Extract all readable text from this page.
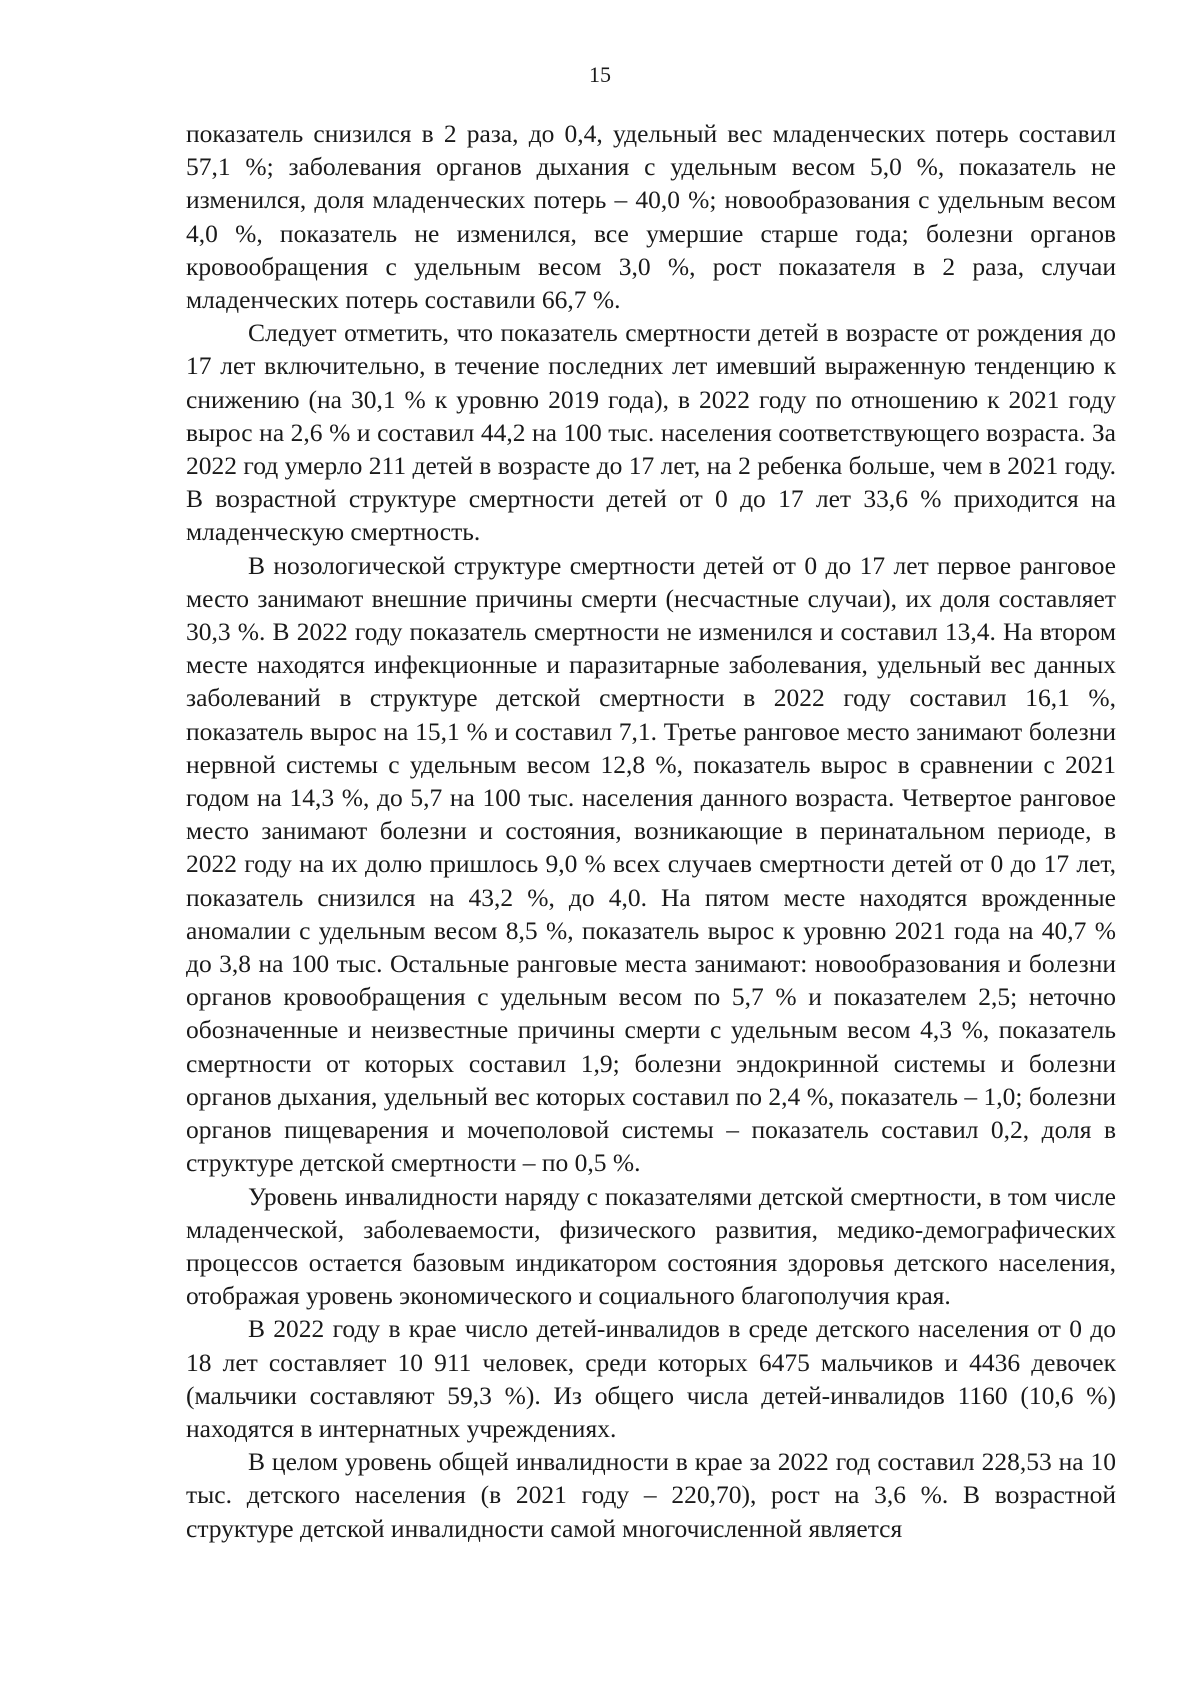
15

показатель снизился в 2 раза, до 0,4, удельный вес младенческих потерь составил 57,1 %; заболевания органов дыхания с удельным весом 5,0 %, показатель не изменился, доля младенческих потерь – 40,0 %; новообразования с удельным весом 4,0 %, показатель не изменился, все умершие старше года; болезни органов кровообращения с удельным весом 3,0 %, рост показателя в 2 раза, случаи младенческих потерь составили 66,7 %.

Следует отметить, что показатель смертности детей в возрасте от рождения до 17 лет включительно, в течение последних лет имевший выраженную тенденцию к снижению (на 30,1 % к уровню 2019 года), в 2022 году по отношению к 2021 году вырос на 2,6 % и составил 44,2 на 100 тыс. населения соответствующего возраста. За 2022 год умерло 211 детей в возрасте до 17 лет, на 2 ребенка больше, чем в 2021 году. В возрастной структуре смертности детей от 0 до 17 лет 33,6 % приходится на младенческую смертность.

В нозологической структуре смертности детей от 0 до 17 лет первое ранговое место занимают внешние причины смерти (несчастные случаи), их доля составляет 30,3 %. В 2022 году показатель смертности не изменился и составил 13,4. На втором месте находятся инфекционные и паразитарные заболевания, удельный вес данных заболеваний в структуре детской смертности в 2022 году составил 16,1 %, показатель вырос на 15,1 % и составил 7,1. Третье ранговое место занимают болезни нервной системы с удельным весом 12,8 %, показатель вырос в сравнении с 2021 годом на 14,3 %, до 5,7 на 100 тыс. населения данного возраста. Четвертое ранговое место занимают болезни и состояния, возникающие в перинатальном периоде, в 2022 году на их долю пришлось 9,0 % всех случаев смертности детей от 0 до 17 лет, показатель снизился на 43,2 %, до 4,0. На пятом месте находятся врожденные аномалии с удельным весом 8,5 %, показатель вырос к уровню 2021 года на 40,7 % до 3,8 на 100 тыс. Остальные ранговые места занимают: новообразования и болезни органов кровообращения с удельным весом по 5,7 % и показателем 2,5; неточно обозначенные и неизвестные причины смерти с удельным весом 4,3 %, показатель смертности от которых составил 1,9; болезни эндокринной системы и болезни органов дыхания, удельный вес которых составил по 2,4 %, показатель – 1,0; болезни органов пищеварения и мочеполовой системы – показатель составил 0,2, доля в структуре детской смертности – по 0,5 %.

Уровень инвалидности наряду с показателями детской смертности, в том числе младенческой, заболеваемости, физического развития, медико-демографических процессов остается базовым индикатором состояния здоровья детского населения, отображая уровень экономического и социального благополучия края.

В 2022 году в крае число детей-инвалидов в среде детского населения от 0 до 18 лет составляет 10 911 человек, среди которых 6475 мальчиков и 4436 девочек (мальчики составляют 59,3 %). Из общего числа детей-инвалидов 1160 (10,6 %) находятся в интернатных учреждениях.

В целом уровень общей инвалидности в крае за 2022 год составил 228,53 на 10 тыс. детского населения (в 2021 году – 220,70), рост на 3,6 %. В возрастной структуре детской инвалидности самой многочисленной является
